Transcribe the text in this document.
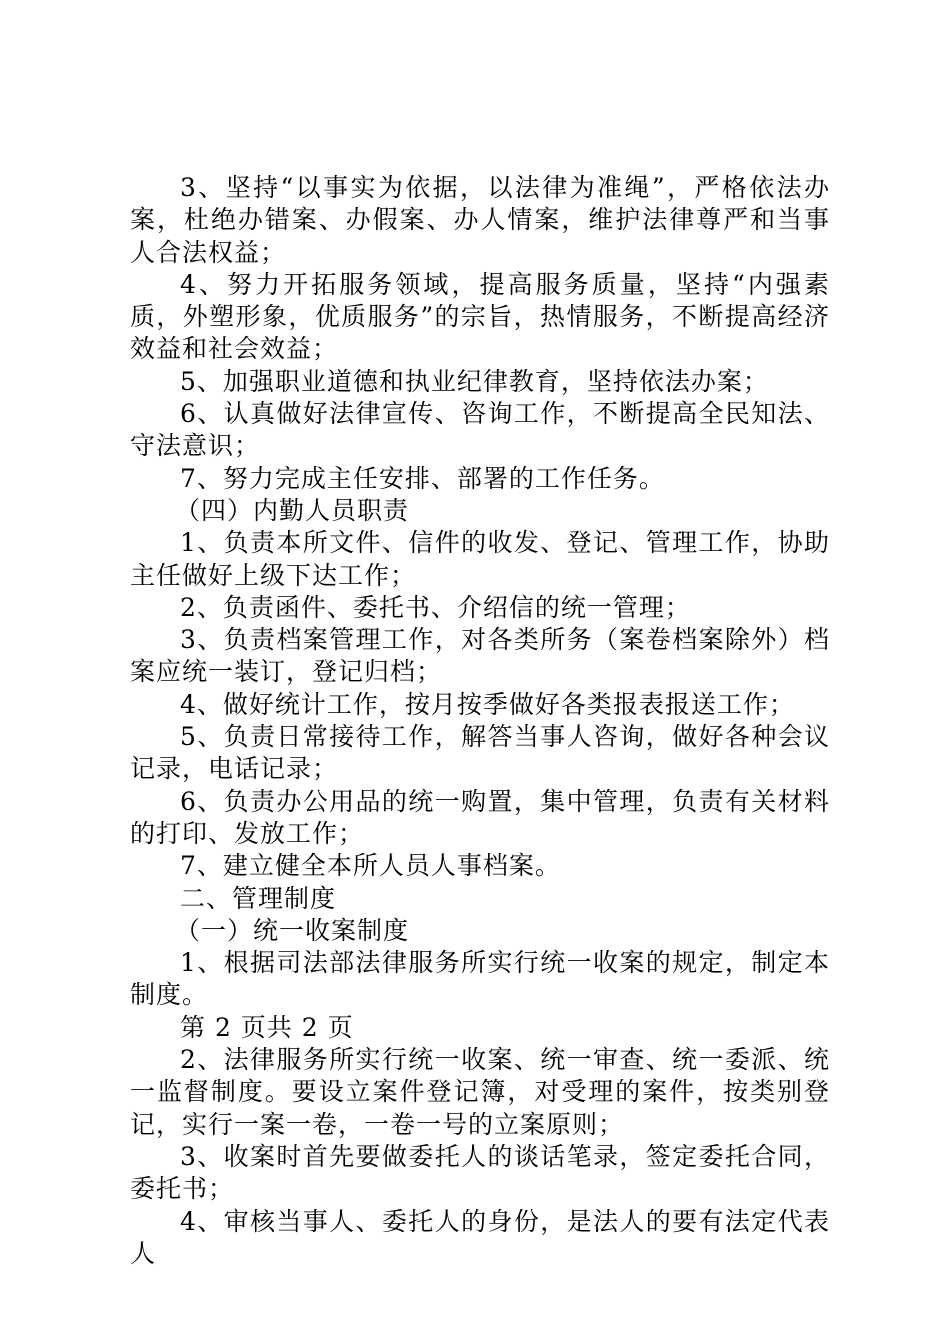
3、坚持“以事实为依据，以法律为准绳”，严格依法办案，杜绝办错案、办假案、办人情案，维护法律尊严和当事人合法权益；

4、努力开拓服务领域，提高服务质量，坚持“内强素质，外塑形象，优质服务”的宗旨，热情服务，不断提高经济效益和社会效益；

5、加强职业道德和执业纪律教育，坚持依法办案；

6、认真做好法律宣传、咨询工作，不断提高全民知法、守法意识；

7、努力完成主任安排、部署的工作任务。

（四）内勤人员职责

1、负责本所文件、信件的收发、登记、管理工作，协助主任做好上级下达工作；

2、负责函件、委托书、介绍信的统一管理；

3、负责档案管理工作，对各类所务（案卷档案除外）档案应统一装订，登记归档；

4、做好统计工作，按月按季做好各类报表报送工作；

5、负责日常接待工作，解答当事人咨询，做好各种会议记录，电话记录；

6、负责办公用品的统一购置，集中管理，负责有关材料的打印、发放工作；

7、建立健全本所人员人事档案。

二、管理制度

（一）统一收案制度

1、根据司法部法律服务所实行统一收案的规定，制定本制度。

第 2 页共 2 页

2、法律服务所实行统一收案、统一审查、统一委派、统一监督制度。要设立案件登记簿，对受理的案件，按类别登记，实行一案一卷，一卷一号的立案原则；

3、收案时首先要做委托人的谈话笔录，签定委托合同，委托书；

4、审核当事人、委托人的身份，是法人的要有法定代表人
